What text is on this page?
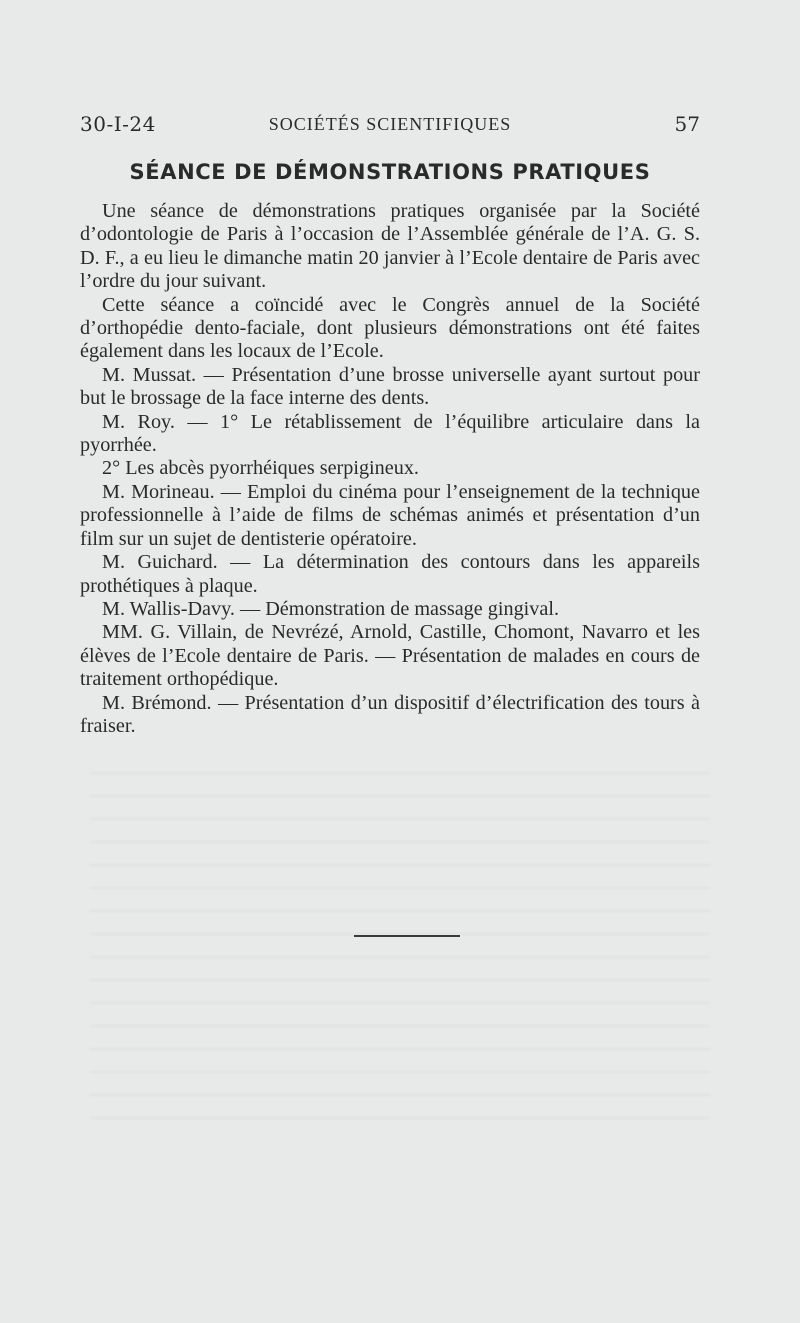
30-I-24	SOCIÉTÉS SCIENTIFIQUES	57
SÉANCE DE DÉMONSTRATIONS PRATIQUES

Une séance de démonstrations pratiques organisée par la Société d’odontologie de Paris à l’occasion de l’Assemblée générale de l’A. G. S. D. F., a eu lieu le dimanche matin 20 janvier à l’Ecole dentaire de Paris avec l’ordre du jour suivant.

Cette séance a coïncidé avec le Congrès annuel de la Société d’orthopédie dento-faciale, dont plusieurs démonstrations ont été faites également dans les locaux de l’Ecole.

M. Mussat. — Présentation d’une brosse universelle ayant surtout pour but le brossage de la face interne des dents.

M. Roy. — 1° Le rétablissement de l’équilibre articulaire dans la pyorrhée.

2° Les abcès pyorrhéiques serpigineux.

M. Morineau. — Emploi du cinéma pour l’enseignement de la technique professionnelle à l’aide de films de schémas animés et présentation d’un film sur un sujet de dentisterie opératoire.

M. Guichard. — La détermination des contours dans les appareils prothétiques à plaque.

M. Wallis-Davy. — Démonstration de massage gingival.

MM. G. Villain, de Nevrézé, Arnold, Castille, Chomont, Navarro et les élèves de l’Ecole dentaire de Paris. — Présentation de malades en cours de traitement orthopédique.

M. Brémond. — Présentation d’un dispositif d’électrification des tours à fraiser.
